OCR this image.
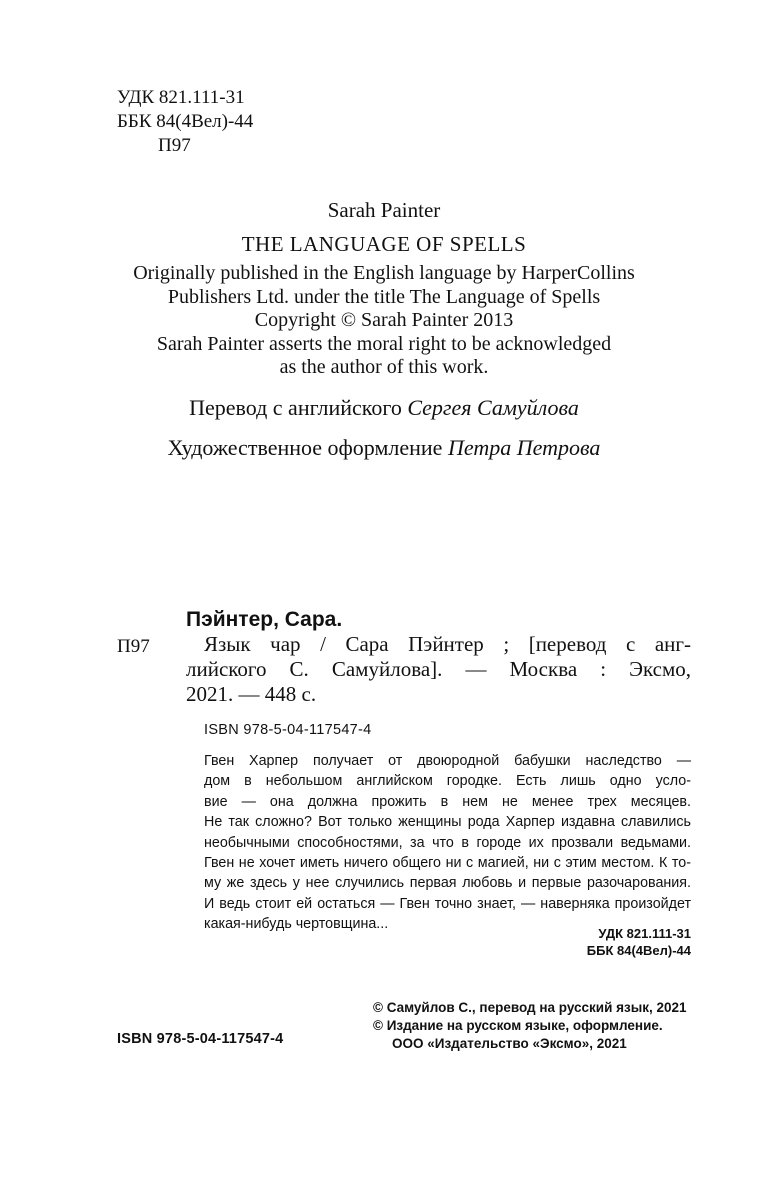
УДК 821.111-31
ББК 84(4Вел)-44
П97
Sarah Painter
THE LANGUAGE OF SPELLS
Originally published in the English language by HarperCollins
Publishers Ltd. under the title The Language of Spells
Copyright © Sarah Painter 2013
Sarah Painter asserts the moral right to be acknowledged
as the author of this work.
Перевод с английского Сергея Самуйлова
Художественное оформление Петра Петрова
Пэйнтер, Сара.
П97	Язык чар / Сара Пэйнтер ; [перевод с анг-
лийского С. Самуйлова]. — Москва : Эксмо,
2021. — 448 с.
ISBN 978-5-04-117547-4
Гвен Харпер получает от двоюродной бабушки наследство —
дом в небольшом английском городке. Есть лишь одно усло-
вие — она должна прожить в нем не менее трех месяцев.
Не так сложно? Вот только женщины рода Харпер издавна славились
необычными способностями, за что в городе их прозвали ведьмами.
Гвен не хочет иметь ничего общего ни с магией, ни с этим местом. К то-
му же здесь у нее случились первая любовь и первые разочарования.
И ведь стоит ей остаться — Гвен точно знает, — наверняка произойдет
какая-нибудь чертовщина...
УДК 821.111-31
ББК 84(4Вел)-44
© Самуйлов С., перевод на русский язык, 2021
© Издание на русском языке, оформление.
ООО «Издательство «Эксмо», 2021
ISBN 978-5-04-117547-4
